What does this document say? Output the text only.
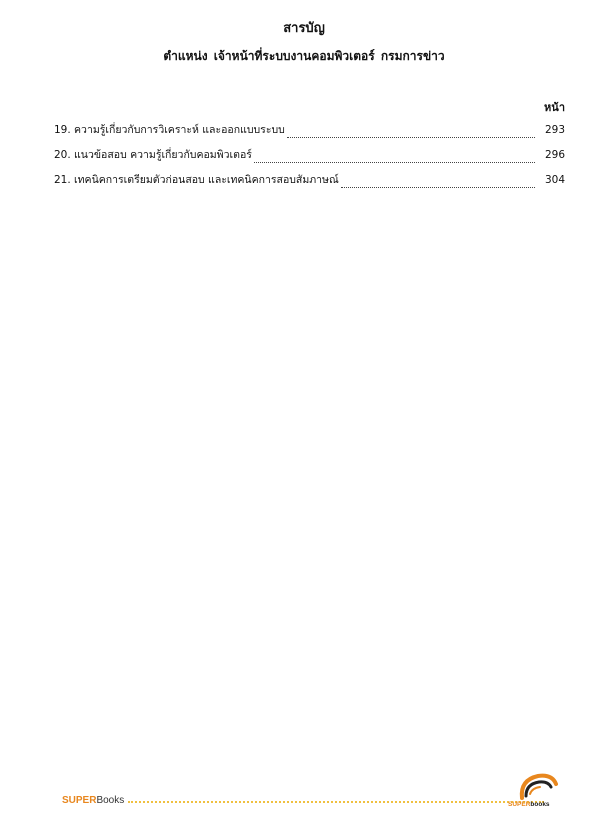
สารบัญ
ตำแหน่ง เจ้าหน้าที่ระบบงานคอมพิวเตอร์ กรมการข่าว
หน้า
19. ความรู้เกี่ยวกับการวิเคราะห์ และออกแบบระบบ	293
20. แนวข้อสอบ ความรู้เกี่ยวกับคอมพิวเตอร์	296
21. เทคนิคการเตรียมตัวก่อนสอบ และเทคนิคการสอบสัมภาษณ์	304
SUPERBooks	SUPERbooks
